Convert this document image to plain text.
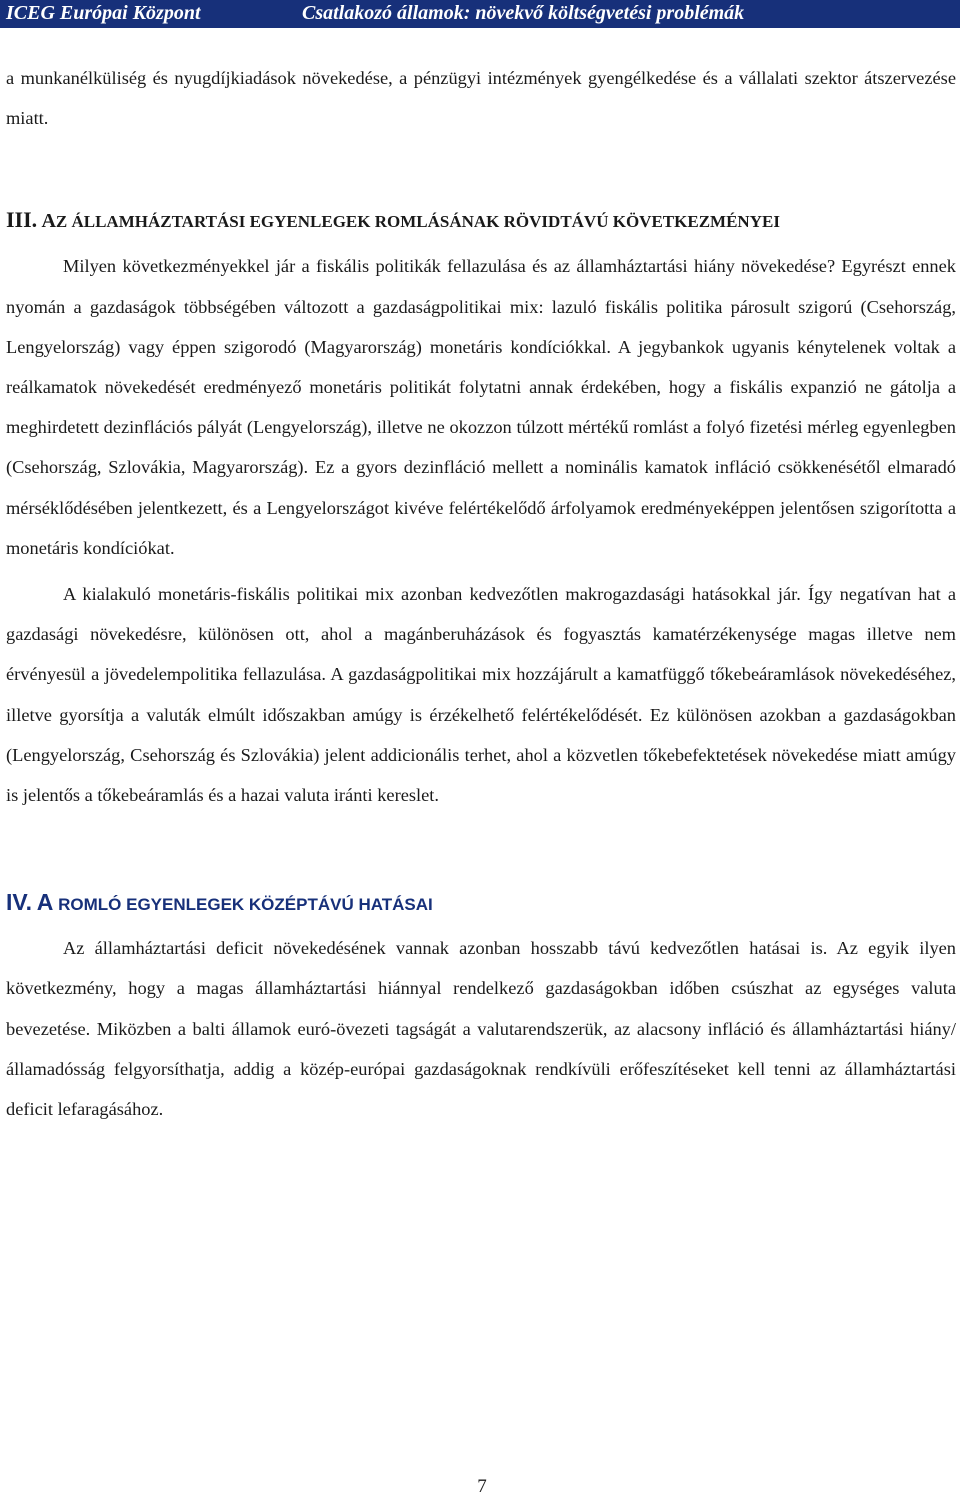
ICEG Európai Központ	Csatlakozó államok: növekvő költségvetési problémák

a munkanélküliség és nyugdíjkiadások növekedése, a pénzügyi intézmények gyengélkedése és a vállalati szektor átszervezése miatt.

III. AZ ÁLLAMHÁZTARTÁSI EGYENLEGEK ROMLÁSÁNAK RÖVIDTÁVÚ KÖVETKEZMÉNYEI

Milyen következményekkel jár a fiskális politikák fellazulása és az államháztartási hiány növekedése? Egyrészt ennek nyomán a gazdaságok többségében változott a gazdaságpolitikai mix: lazuló fiskális politika párosult szigorú (Csehország, Lengyelország) vagy éppen szigorodó (Magyarország) monetáris kondíciókkal. A jegybankok ugyanis kénytelenek voltak a reálkamatok növekedését eredményező monetáris politikát folytatni annak érdekében, hogy a fiskális expanzió ne gátolja a meghirdetett dezinflációs pályát (Lengyelország), illetve ne okozzon túlzott mértékű romlást a folyó fizetési mérleg egyenlegben (Csehország, Szlovákia, Magyarország). Ez a gyors dezinfláció mellett a nominális kamatok infláció csökkenésétől elmaradó mérséklődésében jelentkezett, és a Lengyelországot kivéve felértékelődő árfolyamok eredményeképpen jelentősen szigorította a monetáris kondíciókat.

A kialakuló monetáris-fiskális politikai mix azonban kedvezőtlen makrogazdasági hatásokkal jár. Így negatívan hat a gazdasági növekedésre, különösen ott, ahol a magánberuházások és fogyasztás kamatérzékenysége magas illetve nem érvényesül a jövedelempolitika fellazulása. A gazdaságpolitikai mix hozzájárult a kamatfüggő tőkebeáramlások növekedéséhez, illetve gyorsítja a valuták elmúlt időszakban amúgy is érzékelhető felértékelődését. Ez különösen azokban a gazdaságokban (Lengyelország, Csehország és Szlovákia) jelent addicionális terhet, ahol a közvetlen tőkebefektetések növekedése miatt amúgy is jelentős a tőkebeáramlás és a hazai valuta iránti kereslet.

IV. A ROMLÓ EGYENLEGEK KÖZÉPTÁVÚ HATÁSAI

Az államháztartási deficit növekedésének vannak azonban hosszabb távú kedvezőtlen hatásai is. Az egyik ilyen következmény, hogy a magas államháztartási hiánnyal rendelkező gazdaságokban időben csúszhat az egységes valuta bevezetése. Miközben a balti államok euró-övezeti tagságát a valutarendszerük, az alacsony infláció és államháztartási hiány/államadósság felgyorsíthatja, addig a közép-európai gazdaságoknak rendkívüli erőfeszítéseket kell tenni az államháztartási deficit lefaragásához.

7
